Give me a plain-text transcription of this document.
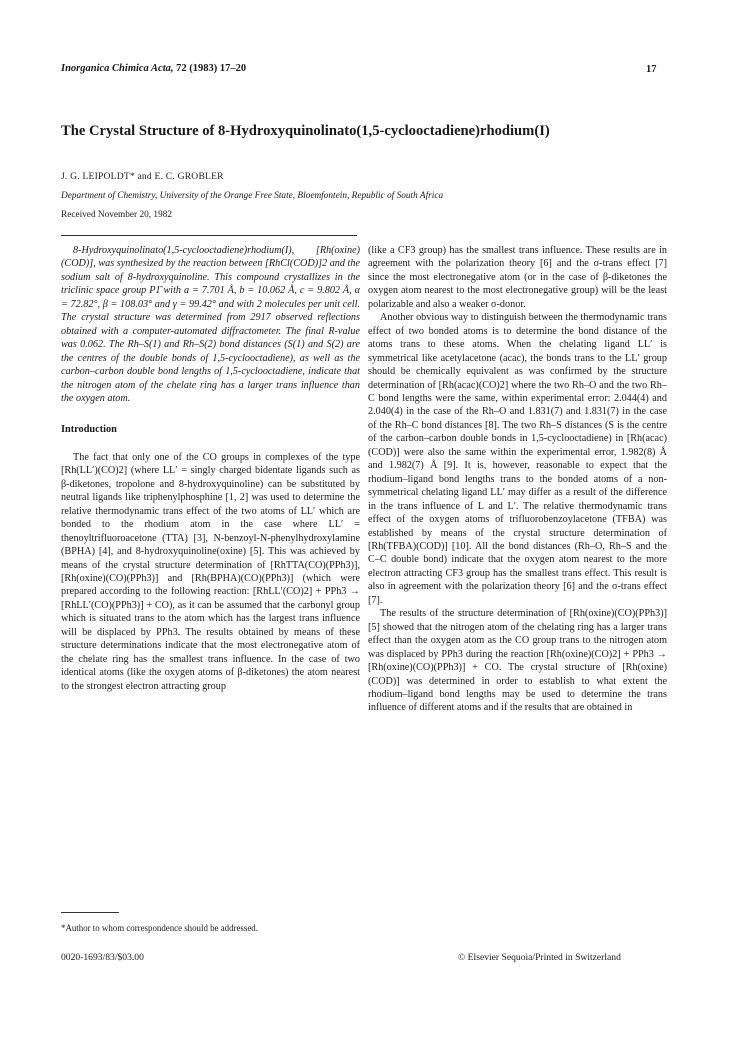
Inorganica Chimica Acta, 72 (1983) 17–20	17
The Crystal Structure of 8-Hydroxyquinolinato(1,5-cyclooctadiene)rhodium(I)
J. G. LEIPOLDT* and E. C. GROBLER
Department of Chemistry, University of the Orange Free State, Bloemfontein, Republic of South Africa
Received November 20, 1982

8-Hydroxyquinolinato(1,5-cyclooctadiene)rhodium(I), [Rh(oxine)(COD)], was synthesized by the reaction between [RhCl(COD)]2 and the sodium salt of 8-hydroxyquinoline. This compound crystallizes in the triclinic space group P1̄ with a = 7.701 Å, b = 10.062 Å, c = 9.802 Å, α = 72.82°, β = 108.03° and γ = 99.42° and with 2 molecules per unit cell. The crystal structure was determined from 2917 observed reflections obtained with a computer-automated diffractometer. The final R-value was 0.062. The Rh–S(1) and Rh–S(2) bond distances (S(1) and S(2) are the centres of the double bonds of 1,5-cyclooctadiene), as well as the carbon–carbon double bond lengths of 1,5-cyclooctadiene, indicate that the nitrogen atom of the chelate ring has a larger trans influence than the oxygen atom.

Introduction

The fact that only one of the CO groups in complexes of the type [Rh(LL′)(CO)2] (where LL′ = singly charged bidentate ligands such as β-diketones, tropolone and 8-hydroxyquinoline) can be substituted by neutral ligands like triphenylphosphine [1, 2] was used to determine the relative thermodynamic trans effect of the two atoms of LL′ which are bonded to the rhodium atom in the case where LL′ = thenoyltrifluoroacetone (TTA) [3], N-benzoyl-N-phenylhydroxylamine (BPHA) [4], and 8-hydroxyquinoline(oxine) [5]. This was achieved by means of the crystal structure determination of [RhTTA(CO)(PPh3)], [Rh(oxine)(CO)(PPh3)] and [Rh(BPHA)(CO)(PPh3)] (which were prepared according to the following reaction: [RhLL′(CO)2] + PPh3 → [RhLL′(CO)(PPh3)] + CO), as it can be assumed that the carbonyl group which is situated trans to the atom which has the largest trans influence will be displaced by PPh3. The results obtained by means of these structure determinations indicate that the most electronegative atom of the chelate ring has the smallest trans influence. In the case of two identical atoms (like the oxygen atoms of β-diketones) the atom nearest to the strongest electron attracting group

(like a CF3 group) has the smallest trans influence. These results are in agreement with the polarization theory [6] and the σ-trans effect [7] since the most electronegative atom (or in the case of β-diketones the oxygen atom nearest to the most electronegative group) will be the least polarizable and also a weaker σ-donor.

Another obvious way to distinguish between the thermodynamic trans effect of two bonded atoms is to determine the bond distance of the atoms trans to these atoms. When the chelating ligand LL′ is symmetrical like acetylacetone (acac), the bonds trans to the LL′ group should be chemically equivalent as was confirmed by the structure determination of [Rh(acac)(CO)2] where the two Rh–O and the two Rh–C bond lengths were the same, within experimental error: 2.044(4) and 2.040(4) in the case of the Rh–O and 1.831(7) and 1.831(7) in the case of the Rh–C bond distances [8]. The two Rh–S distances (S is the centre of the carbon–carbon double bonds in 1,5-cyclooctadiene) in [Rh(acac)(COD)] were also the same within the experimental error, 1.982(8) Å and 1.982(7) Å [9]. It is, however, reasonable to expect that the rhodium–ligand bond lengths trans to the bonded atoms of a non-symmetrical chelating ligand LL′ may differ as a result of the difference in the trans influence of L and L′. The relative thermodynamic trans effect of the oxygen atoms of trifluorobenzoylacetone (TFBA) was established by means of the crystal structure determination of [Rh(TFBA)(COD)] [10]. All the bond distances (Rh–O, Rh–S and the C–C double bond) indicate that the oxygen atom nearest to the more electron attracting CF3 group has the smallest trans effect. This result is also in agreement with the polarization theory [6] and the σ-trans effect [7].

The results of the structure determination of [Rh(oxine)(CO)(PPh3)] [5] showed that the nitrogen atom of the chelating ring has a larger trans effect than the oxygen atom as the CO group trans to the nitrogen atom was displaced by PPh3 during the reaction [Rh(oxine)(CO)2] + PPh3 → [Rh(oxine)(CO)(PPh3)] + CO. The crystal structure of [Rh(oxine)(COD)] was determined in order to establish to what extent the rhodium–ligand bond lengths may be used to determine the trans influence of different atoms and if the results that are obtained in

*Author to whom correspondence should be addressed.
0020-1693/83/$03.00	© Elsevier Sequoia/Printed in Switzerland
